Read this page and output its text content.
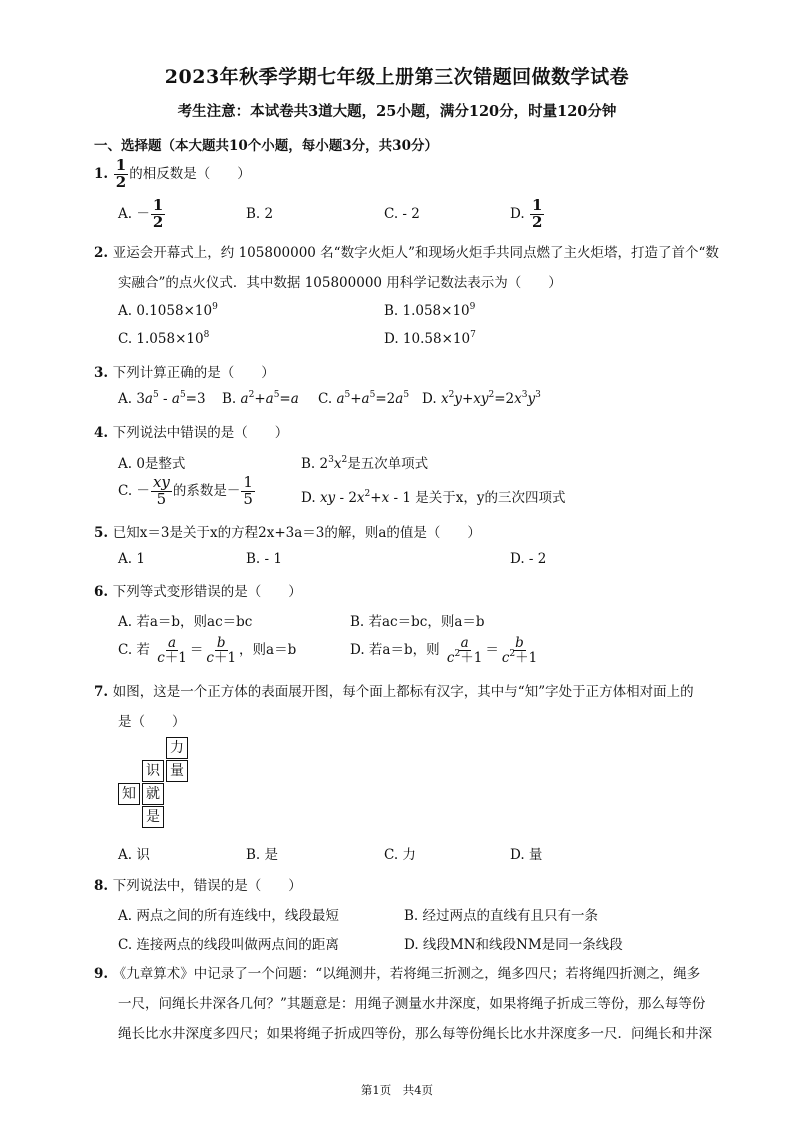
2023年秋季学期七年级上册第三次错题回做数学试卷
考生注意：本试卷共3道大题，25小题，满分120分，时量120分钟
一、选择题（本大题共10个小题，每小题3分，共30分）
1. $\frac{1}{2}$ 的相反数是（　　）
A. － $\frac{1}{2}$	B. 2	C. - 2	D. $\frac{1}{2}$
2. 亚运会开幕式上，约 105800000 名“数字火炬人”和现场火炬手共同点燃了主火炬塔，打造了首个“数
实融合”的点火仪式．其中数据 105800000 用科学记数法表示为（　　）
A. $0.1058\times 10^9$	B. $1.058\times 10^9$
C. $1.058\times 10^8$	D. $10.58\times 10^7$
3. 下列计算正确的是（　　）
A. $3a^5 - a^5=3$ B. $a^2+a^5=a$ C. $a^5+a^5=2a^5$ D. $x^2y+xy^2=2x^3y^3$
4. 下列说法中错误的是（　　）
A. 0是整式	B. $2^3x^2$是五次单项式
C. － $\frac{xy}{5}$ 的系数是－ $\frac{1}{5}$	D. xy - $2x^2+x - 1$ 是关于x，y的三次四项式
5. 已知x＝3是关于x的方程2x+3a＝3的解，则a的值是（　　）
A. 1	B. - 1	D. - 2
6. 下列等式变形错误的是（　　）
A. 若a＝b，则ac＝bc	B. 若ac＝bc，则a＝b
C. 若 $\frac{a}{c+1} = \frac{b}{c+1}$ ，则a＝b	D. 若a＝b，则 $\frac{a}{c^2+1} = \frac{b}{c^2+1}$
7. 如图，这是一个正方体的表面展开图，每个面上都标有汉字，其中与“知”字处于正方体相对面上的
是（　　）
力
识 量
知 就
是
A. 识	B. 是	C. 力	D. 量
8. 下列说法中，错误的是（　　）
A. 两点之间的所有连线中，线段最短	B. 经过两点的直线有且只有一条
C. 连接两点的线段叫做两点间的距离	D. 线段MN和线段NM是同一条线段
9. 《九章算术》中记录了一个问题：“以绳测井，若将绳三折测之，绳多四尺；若将绳四折测之，绳多
一尺，问绳长井深各几何？”其题意是：用绳子测量水井深度，如果将绳子折成三等份，那么每等份
绳长比水井深度多四尺；如果将绳子折成四等份，那么每等份绳长比水井深度多一尺．问绳长和井深
第1页　共4页
